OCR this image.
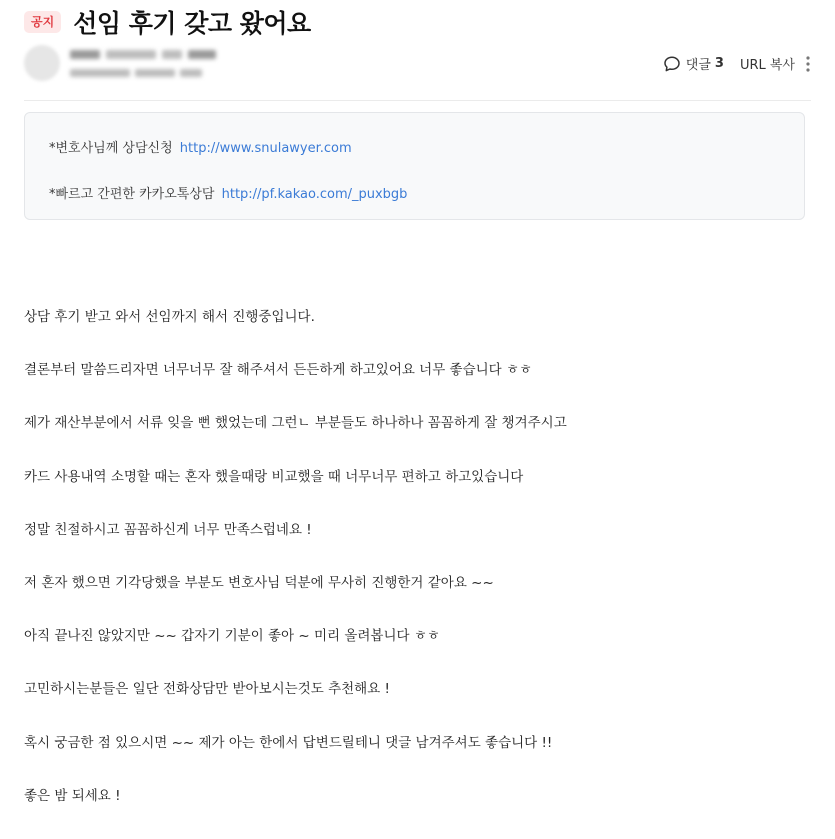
공지 선임 후기 갖고 왔어요
댓글 3 URL 복사
*변호사님께 상담신청 http://www.snulawyer.com
*빠르고 간편한 카카오톡상담 http://pf.kakao.com/_puxbgb
상담 후기 받고 와서 선임까지 해서 진행중입니다.
결론부터 말씀드리자면 너무너무 잘 해주셔서 든든하게 하고있어요 너무 좋습니다 ㅎㅎ
제가 재산부분에서 서류 잊을 뻔 했었는데 그런ㄴ 부분들도 하나하나 꼼꼼하게 잘 챙겨주시고
카드 사용내역 소명할 때는 혼자 했을때랑 비교했을 때 너무너무 편하고 하고있습니다
정말 친절하시고 꼼꼼하신게 너무 만족스럽네요 !
저 혼자 했으면 기각당했을 부분도 변호사님 덕분에 무사히 진행한거 같아요 ~~
아직 끝나진 않았지만 ~~ 갑자기 기분이 좋아 ~ 미리 올려봅니다 ㅎㅎ
고민하시는분들은 일단 전화상담만 받아보시는것도 추천해요 !
혹시 궁금한 점 있으시면 ~~ 제가 아는 한에서 답변드릴테니 댓글 남겨주셔도 좋습니다 !!
좋은 밤 되세요 !
